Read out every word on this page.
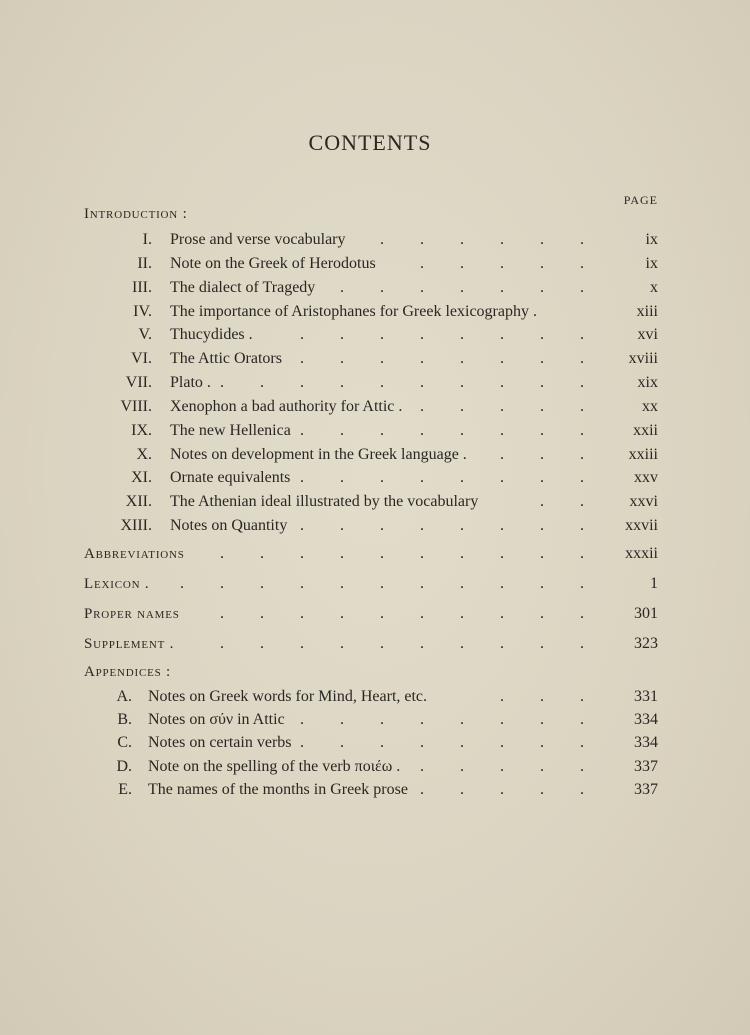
CONTENTS
PAGE
Introduction :
I. Prose and verse vocabulary . . . . . .	ix
II. Note on the Greek of Herodotus	. . . . .	ix
III. The dialect of Tragedy . . . . . . .	x
IV. The importance of Aristophanes for Greek lexicography .	xiii
V. Thucydides .	. . . . . . . . xvi
VI. The Attic Orators . . . . . . . . xviii
VII. Plato . . . . . . . . . . . xix
VIII. Xenophon a bad authority for Attic . . . . . .	xx
IX. The new Hellenica . . . . . . . . xxii
X. Notes on development in the Greek language . . . . xxiii
XI. Ornate equivalents . . . . . . . . xxv
XII. The Athenian ideal illustrated by the vocabulary	. . xxvi
XIII. Notes on Quantity . . . . . . . . xxvii
Abbreviations . . . . . . . . . . xxxii
Lexicon . . . . . . . . . . . .	1
Proper names	. . . . . . . . . . 301
Supplement .	. . . . . . . . . . 323
Appendices :
A. Notes on Greek words for Mind, Heart, etc.	. . . 331
B. Notes on σύν in Attic . . . . . . . . 334
C. Notes on certain verbs . . . . . . . . 334
D. Note on the spelling of the verb ποιέω . . . . . . 337
E. The names of the months in Greek prose . . . . . 337
